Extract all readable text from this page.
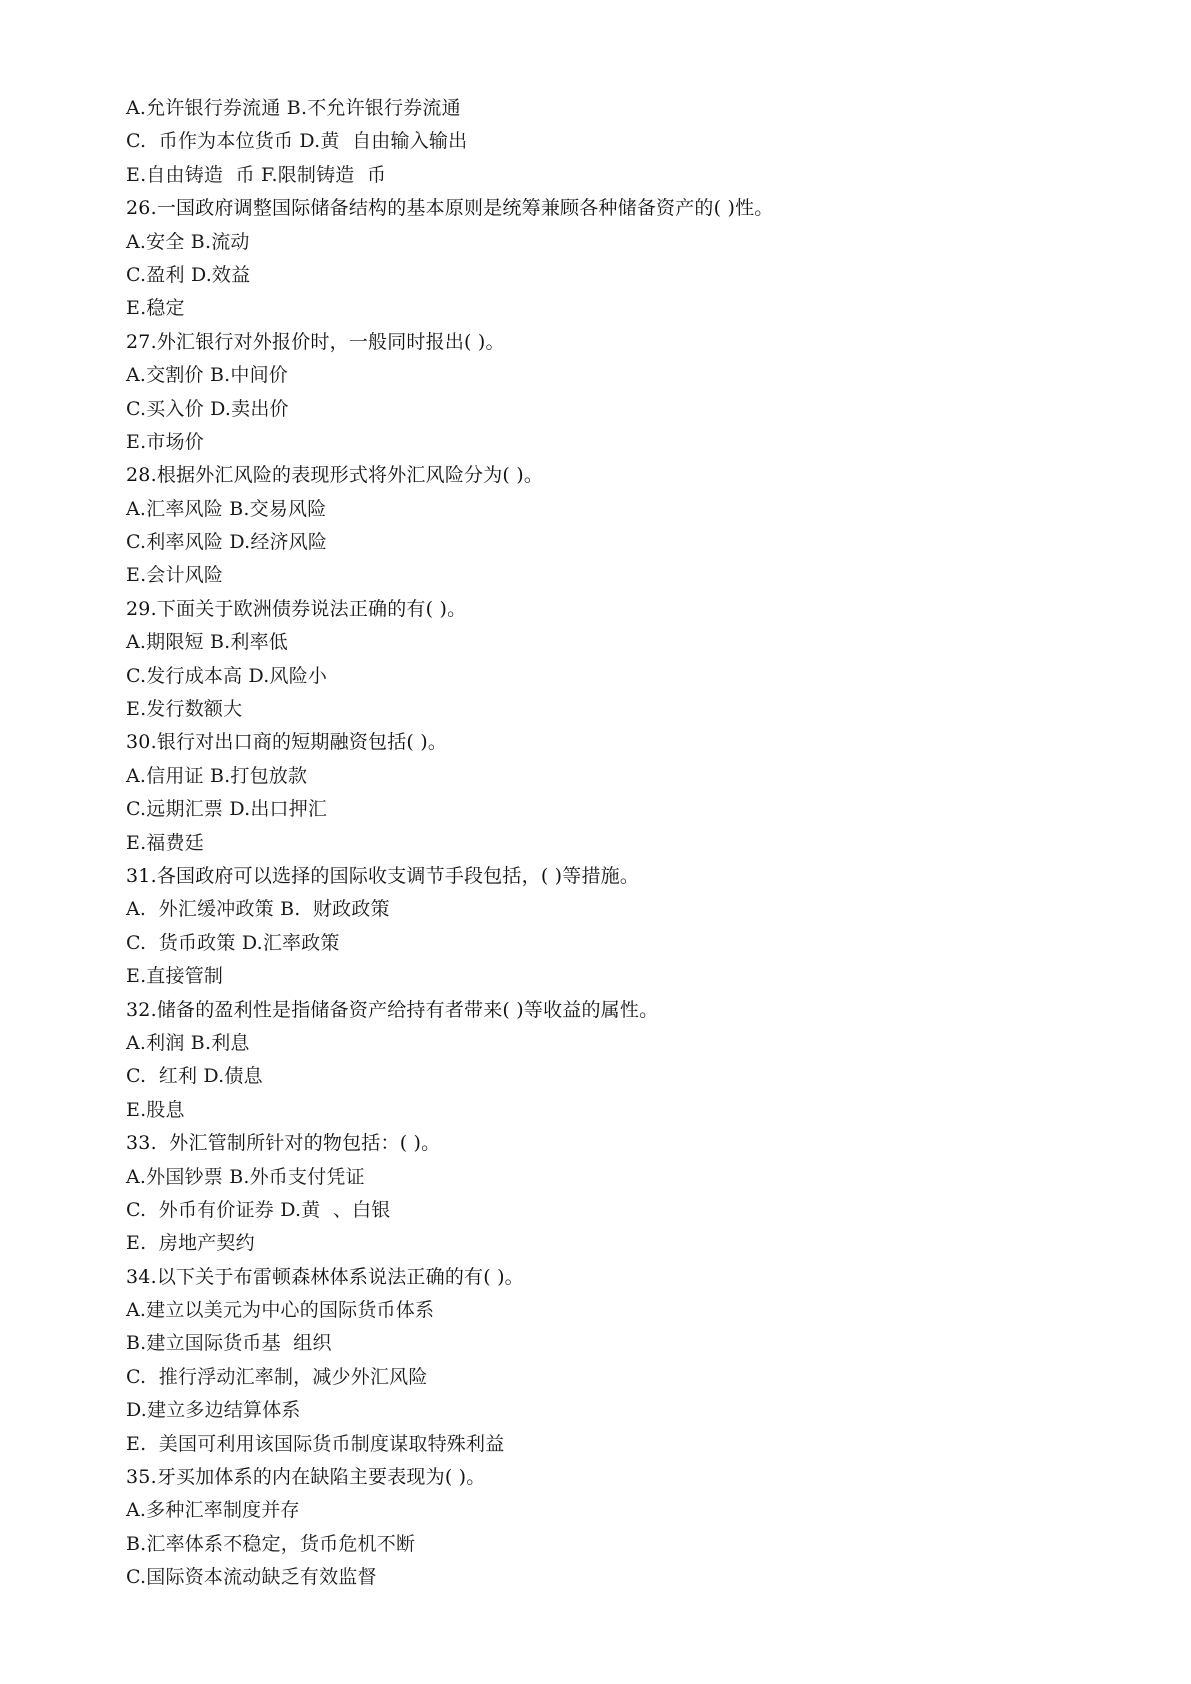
A.允许银行券流通 B.不允许银行券流通
C.  币作为本位货币 D.黄  自由输入输出
E.自由铸造  币 F.限制铸造  币
26.一国政府调整国际储备结构的基本原则是统筹兼顾各种储备资产的( )性。
A.安全 B.流动
C.盈利 D.效益
E.稳定
27.外汇银行对外报价时，一般同时报出( )。
A.交割价 B.中间价
C.买入价 D.卖出价
E.市场价
28.根据外汇风险的表现形式将外汇风险分为( )。
A.汇率风险 B.交易风险
C.利率风险 D.经济风险
E.会计风险
29.下面关于欧洲债券说法正确的有( )。
A.期限短 B.利率低
C.发行成本高 D.风险小
E.发行数额大
30.银行对出口商的短期融资包括( )。
A.信用证 B.打包放款
C.远期汇票 D.出口押汇
E.福费廷
31.各国政府可以选择的国际收支调节手段包括，( )等措施。
A.  外汇缓冲政策 B.  财政政策
C.  货币政策 D.汇率政策
E.直接管制
32.储备的盈利性是指储备资产给持有者带来( )等收益的属性。
A.利润 B.利息
C.  红利 D.债息
E.股息
33.  外汇管制所针对的物包括：( )。
A.外国钞票 B.外币支付凭证
C.  外币有价证券 D.黄  、白银
E.  房地产契约
34.以下关于布雷顿森林体系说法正确的有( )。
A.建立以美元为中心的国际货币体系
B.建立国际货币基  组织
C.  推行浮动汇率制，减少外汇风险
D.建立多边结算体系
E.  美国可利用该国际货币制度谋取特殊利益
35.牙买加体系的内在缺陷主要表现为( )。
A.多种汇率制度并存
B.汇率体系不稳定，货币危机不断
C.国际资本流动缺乏有效监督
